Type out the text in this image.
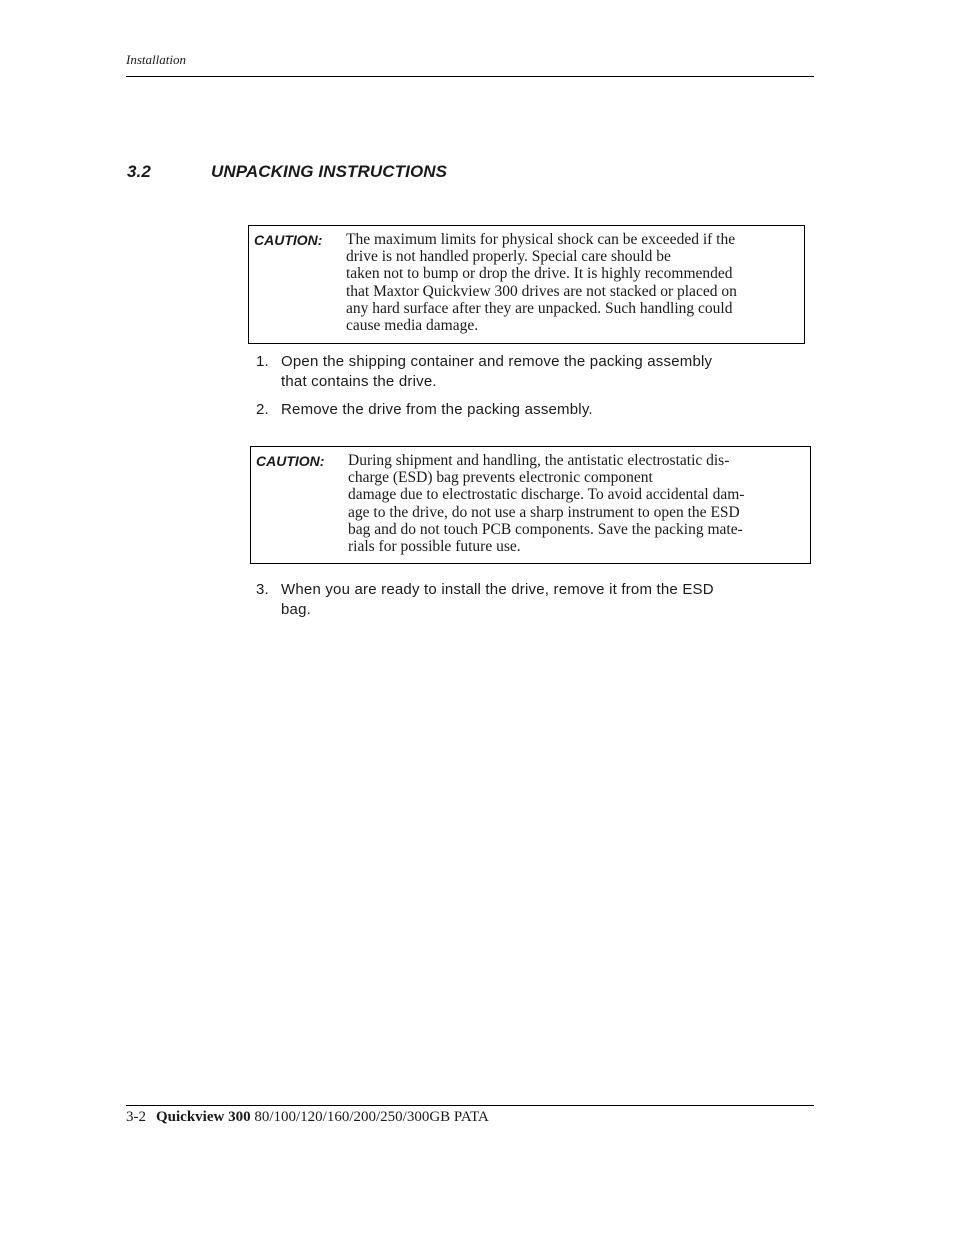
Installation
3.2	UNPACKING INSTRUCTIONS
CAUTION: The maximum limits for physical shock can be exceeded if the
drive is not handled properly. Special care should be
taken not to bump or drop the drive. It is highly recommended
that Maxtor Quickview 300 drives are not stacked or placed on
any hard surface after they are unpacked. Such handling could
cause media damage.
1. Open the shipping container and remove the packing assembly
that contains the drive.
2. Remove the drive from the packing assembly.
CAUTION: During shipment and handling, the antistatic electrostatic dis-
charge (ESD) bag prevents electronic component
damage due to electrostatic discharge. To avoid accidental dam-
age to the drive, do not use a sharp instrument to open the ESD
bag and do not touch PCB components. Save the packing mate-
rials for possible future use.
3. When you are ready to install the drive, remove it from the ESD
bag.
3-2 Quickview 300 80/100/120/160/200/250/300GB PATA
